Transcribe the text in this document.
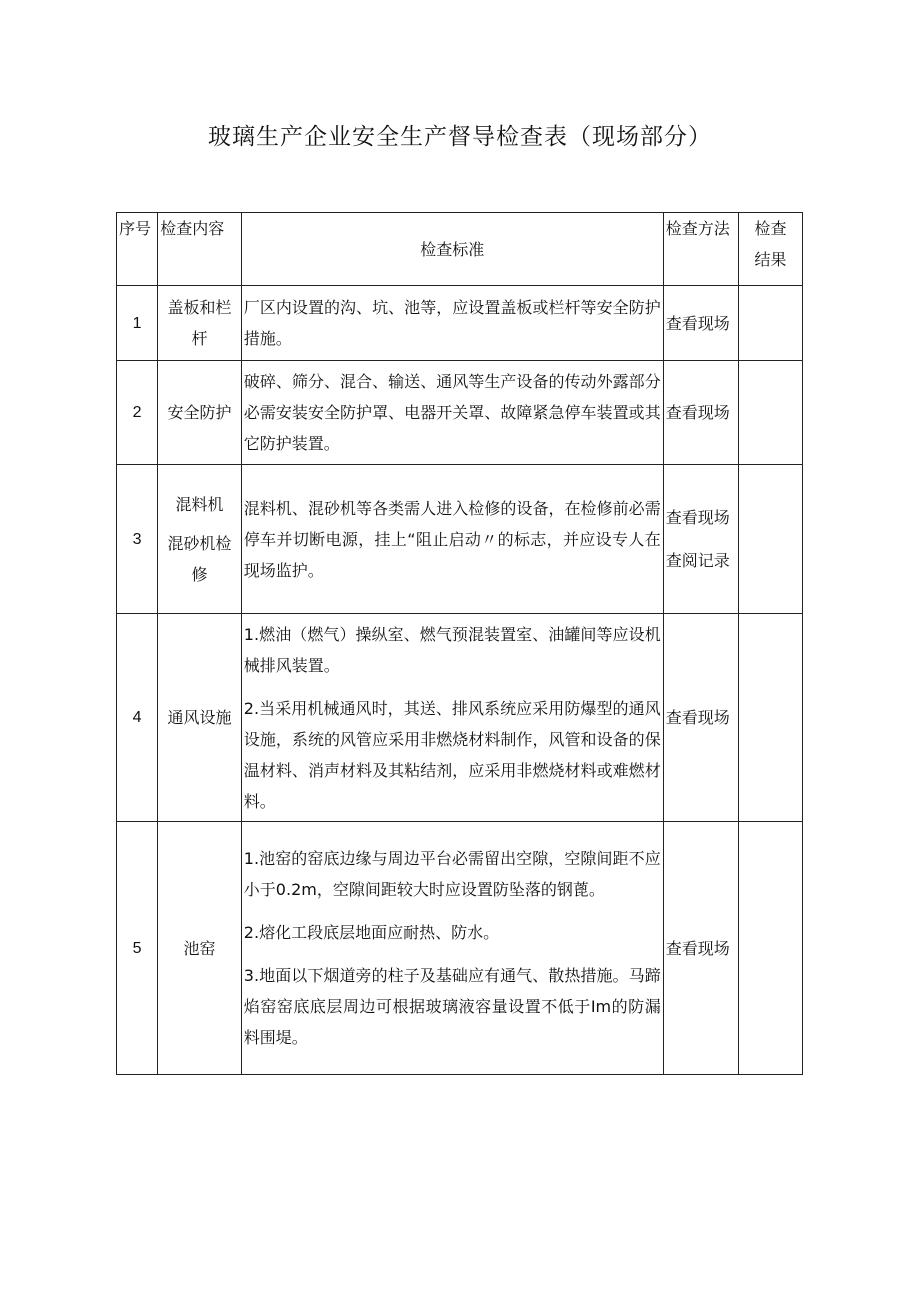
玻璃生产企业安全生产督导检查表（现场部分）
序号	检查内容	检查标准	检查方法	检查
结果
1	盖板和栏杆	厂区内设置的沟、坑、池等，应设置盖板或栏杆等安全防护措施。	查看现场	

2	安全防护	破碎、筛分、混合、输送、通风等生产设备的传动外露部分必需安装安全防护罩、电器开关罩、故障紧急停车装置或其它防护装置。	查看现场	

3	混料机
混砂机检修	混料机、混砂机等各类需人进入检修的设备，在检修前必需停车并切断电源，挂上“阻止启动〃的标志，并应设专人在现场监护。	查看现场
查阅记录	

4	通风设施	1.燃油（燃气）操纵室、燃气预混装置室、油罐间等应设机械排风装置。

2.当采用机械通风时，其送、排风系统应采用防爆型的通风设施，系统的风管应采用非燃烧材料制作，风管和设备的保温材料、消声材料及其粘结剂，应采用非燃烧材料或难燃材料。	查看现场	

5	池窑	1.池窑的窑底边缘与周边平台必需留出空隙，空隙间距不应小于0.2m，空隙间距较大时应设置防坠落的钢蓖。

2.熔化工段底层地面应耐热、防水。

3.地面以下烟道旁的柱子及基础应有通气、散热措施。马蹄焰窑窑底底层周边可根据玻璃液容量设置不低于Im的防漏料围堤。	查看现场	
